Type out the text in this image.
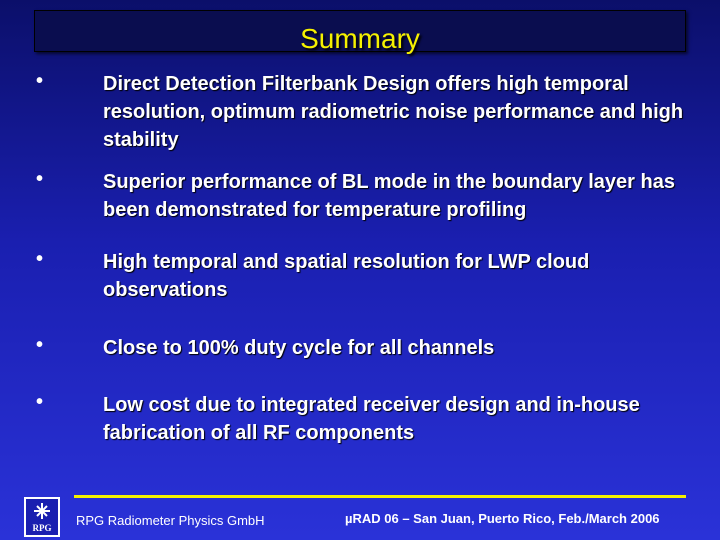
Summary
•	Direct Detection Filterbank Design offers high temporal resolution, optimum radiometric noise performance and high stability
•	Superior performance of BL mode in the boundary layer has been demonstrated for temperature profiling
•	High temporal and spatial resolution for LWP cloud observations
•	Close to 100% duty cycle for all channels
•	Low cost due to integrated receiver design and in-house fabrication of all RF components
RPG RPG Radiometer Physics GmbH	µRAD 06 – San Juan, Puerto Rico, Feb./March 2006
